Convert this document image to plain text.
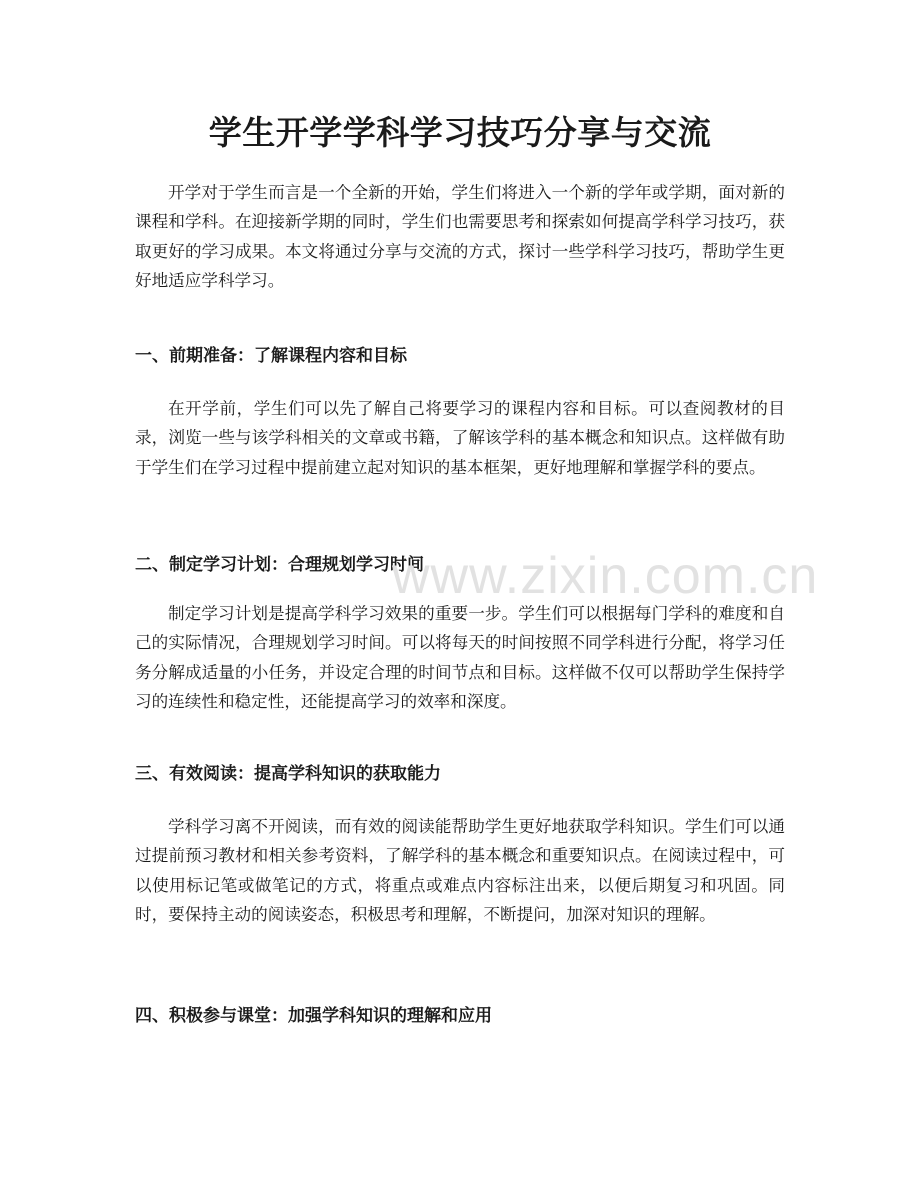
学生开学学科学习技巧分享与交流

开学对于学生而言是一个全新的开始，学生们将进入一个新的学年或学期，面对新的课程和学科。在迎接新学期的同时，学生们也需要思考和探索如何提高学科学习技巧，获取更好的学习成果。本文将通过分享与交流的方式，探讨一些学科学习技巧，帮助学生更好地适应学科学习。

一、前期准备：了解课程内容和目标

在开学前，学生们可以先了解自己将要学习的课程内容和目标。可以查阅教材的目录，浏览一些与该学科相关的文章或书籍，了解该学科的基本概念和知识点。这样做有助于学生们在学习过程中提前建立起对知识的基本框架，更好地理解和掌握学科的要点。

二、制定学习计划：合理规划学习时间

制定学习计划是提高学科学习效果的重要一步。学生们可以根据每门学科的难度和自己的实际情况，合理规划学习时间。可以将每天的时间按照不同学科进行分配，将学习任务分解成适量的小任务，并设定合理的时间节点和目标。这样做不仅可以帮助学生保持学习的连续性和稳定性，还能提高学习的效率和深度。

三、有效阅读：提高学科知识的获取能力

学科学习离不开阅读，而有效的阅读能帮助学生更好地获取学科知识。学生们可以通过提前预习教材和相关参考资料，了解学科的基本概念和重要知识点。在阅读过程中，可以使用标记笔或做笔记的方式，将重点或难点内容标注出来，以便后期复习和巩固。同时，要保持主动的阅读姿态，积极思考和理解，不断提问，加深对知识的理解。

四、积极参与课堂：加强学科知识的理解和应用
www.zixin.com.cn
